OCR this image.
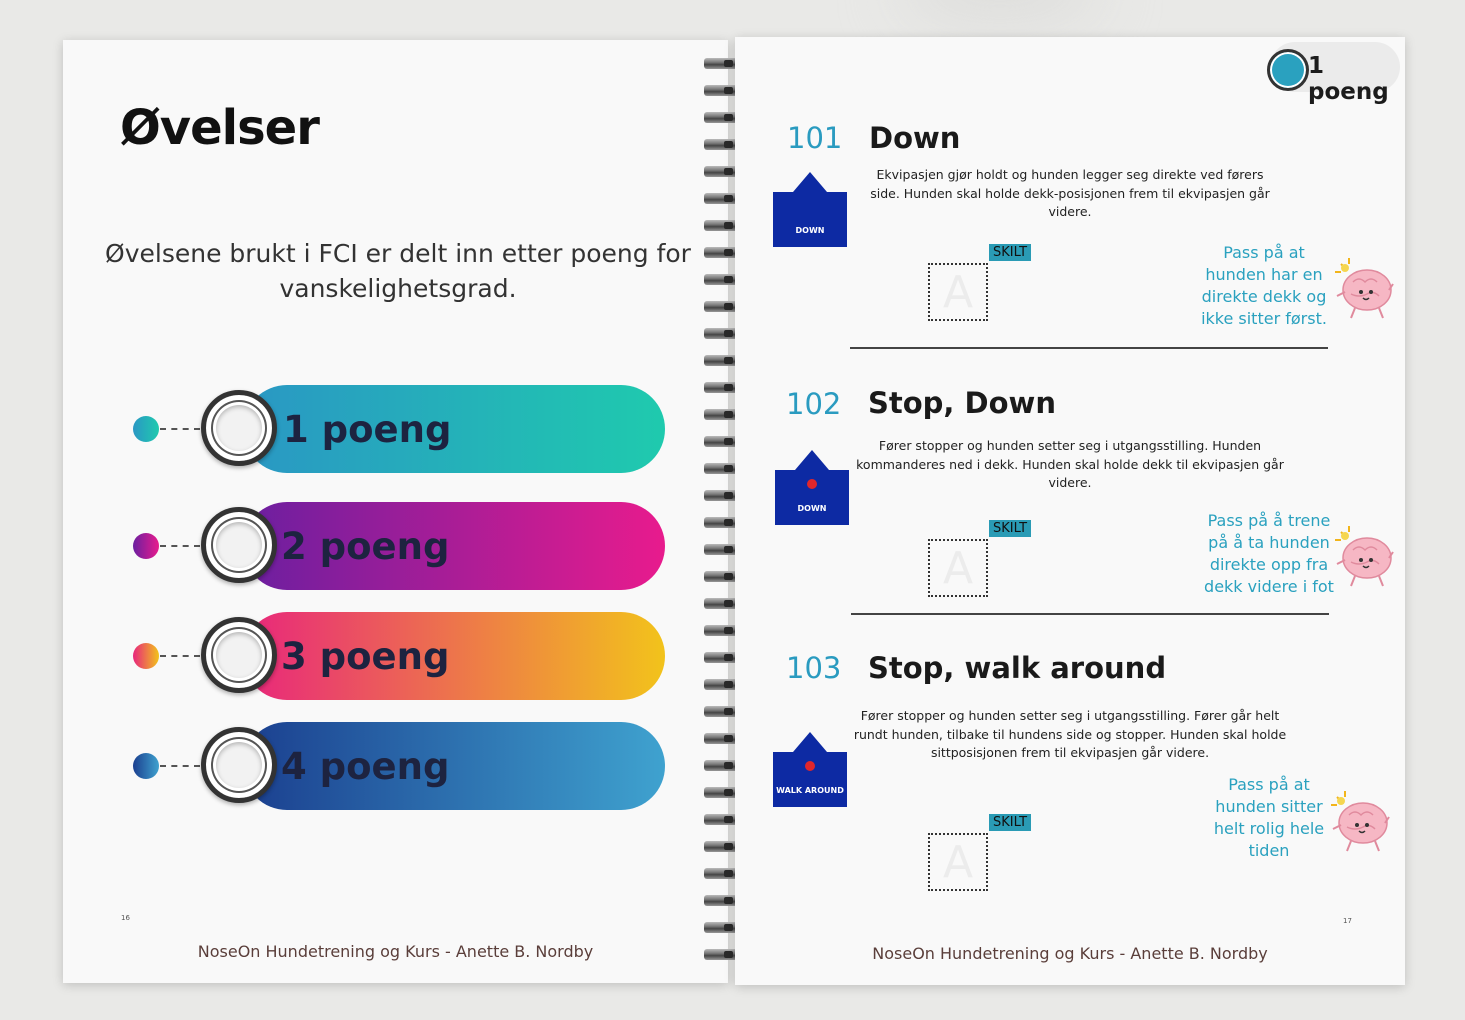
Øvelser
Øvelsene brukt i FCI er delt inn etter poeng for vanskelighetsgrad.
1 poeng
2 poeng
3 poeng
4 poeng
16
NoseOn Hundetrening og Kurs - Anette B. Nordby
1 poeng
101 Down
DOWN
Ekvipasjen gjør holdt og hunden legger seg direkte ved førers side. Hunden skal holde dekk-posisjonen frem til ekvipasjen går videre.
A
SKILT	Pass på at hunden har en direkte dekk og ikke sitter først.
102 Stop, Down
DOWN
Fører stopper og hunden setter seg i utgangsstilling. Hunden kommanderes ned i dekk. Hunden skal holde dekk til ekvipasjen går videre.
A
SKILT	Pass på å trene på å ta hunden direkte opp fra dekk videre i fot
103 Stop, walk around
WALK AROUND
Fører stopper og hunden setter seg i utgangsstilling. Fører går helt rundt hunden, tilbake til hundens side og stopper. Hunden skal holde sittposisjonen frem til ekvipasjen går videre.
A
SKILT
Pass på at hunden sitter helt rolig hele tiden
17
NoseOn Hundetrening og Kurs - Anette B. Nordby
